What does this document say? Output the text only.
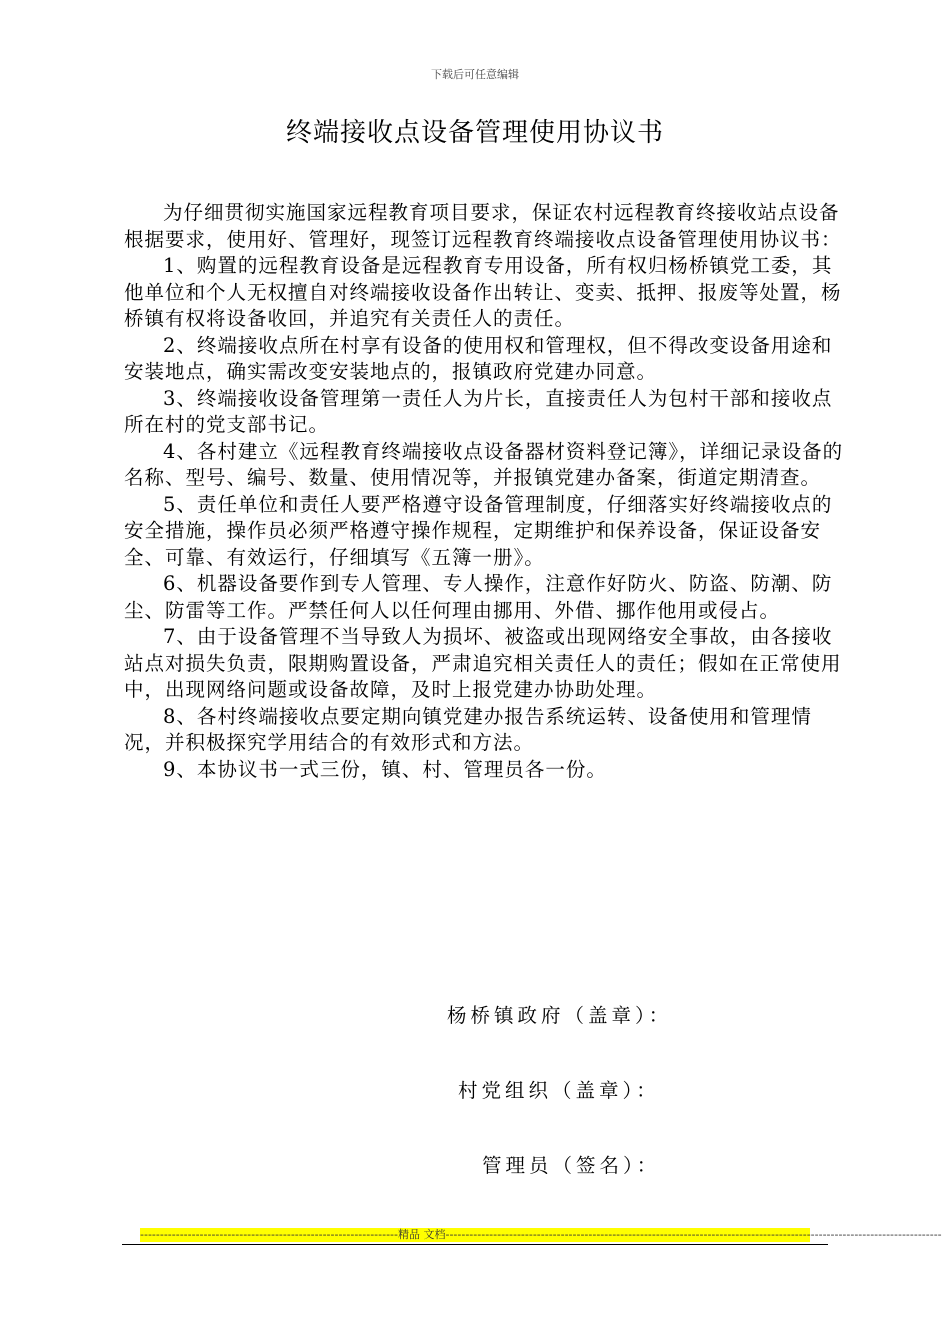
下载后可任意编辑
终端接收点设备管理使用协议书

为仔细贯彻实施国家远程教育项目要求，保证农村远程教育终接收站点设备根据要求，使用好、管理好，现签订远程教育终端接收点设备管理使用协议书：

1、购置的远程教育设备是远程教育专用设备，所有权归杨桥镇党工委，其他单位和个人无权擅自对终端接收设备作出转让、变卖、抵押、报废等处置，杨桥镇有权将设备收回，并追究有关责任人的责任。

2、终端接收点所在村享有设备的使用权和管理权，但不得改变设备用途和安装地点，确实需改变安装地点的，报镇政府党建办同意。

3、终端接收设备管理第一责任人为片长，直接责任人为包村干部和接收点所在村的党支部书记。

4、各村建立《远程教育终端接收点设备器材资料登记簿》，详细记录设备的名称、型号、编号、数量、使用情况等，并报镇党建办备案，街道定期清查。

5、责任单位和责任人要严格遵守设备管理制度，仔细落实好终端接收点的安全措施，操作员必须严格遵守操作规程，定期维护和保养设备，保证设备安全、可靠、有效运行，仔细填写《五簿一册》。

6、机器设备要作到专人管理、专人操作，注意作好防火、防盗、防潮、防尘、防雷等工作。严禁任何人以任何理由挪用、外借、挪作他用或侵占。

7、由于设备管理不当导致人为损坏、被盗或出现网络安全事故，由各接收站点对损失负责，限期购置设备，严肃追究相关责任人的责任；假如在正常使用中，出现网络问题或设备故障，及时上报党建办协助处理。

8、各村终端接收点要定期向镇党建办报告系统运转、设备使用和管理情况，并积极探究学用结合的有效形式和方法。

9、本协议书一式三份，镇、村、管理员各一份。

杨桥镇政府（盖章）：
村党组织（盖章）：
管理员（签名）：
-----------------------------------------------------------------精品 文档-----------------------------------------------------------------------------------------------------------------------------
